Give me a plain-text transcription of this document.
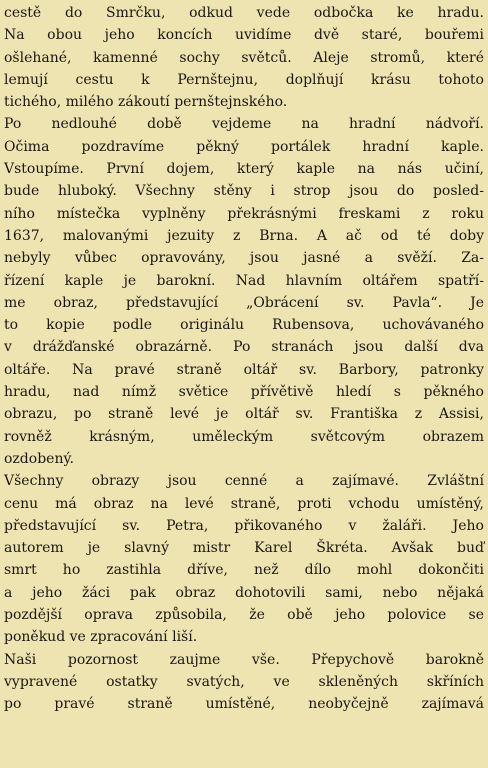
cestě do Smrčku, odkud vede odbočka ke hradu.
Na obou jeho koncích uvidíme dvě staré, bouřemi
ošlehané, kamenné sochy světců. Aleje stromů, které
lemují cestu k Pernštejnu, doplňují krásu tohoto
tichého, milého zákoutí pernštejnského.
Po nedlouhé době vejdeme na hradní nádvoří.
Očima pozdravíme pěkný portálek hradní kaple.
Vstoupíme. První dojem, který kaple na nás učiní,
bude hluboký. Všechny stěny i strop jsou do posled-
ního místečka vyplněny překrásnými freskami z roku
1637, malovanými jezuity z Brna. A ač od té doby
nebyly vůbec opravovány, jsou jasné a svěží. Za-
řízení kaple je barokní. Nad hlavním oltářem spatří-
me obraz, představující „Obrácení sv. Pavla“. Je
to kopie podle originálu Rubensova, uchovávaného
v drážďanské obrazárně. Po stranách jsou další dva
oltáře. Na pravé straně oltář sv. Barbory, patronky
hradu, nad nímž světice přívětivě hledí s pěkného
obrazu, po straně levé je oltář sv. Františka z Assisi,
rovněž krásným, uměleckým světcovým obrazem
ozdobený.
Všechny obrazy jsou cenné a zajímavé. Zvláštní
cenu má obraz na levé straně, proti vchodu umístěný,
představující sv. Petra, přikovaného v žaláři. Jeho
autorem je slavný mistr Karel Škréta. Avšak buď
smrt ho zastihla dříve, než dílo mohl dokončiti
a jeho žáci pak obraz dohotovili sami, nebo nějaká
pozdější oprava způsobila, že obě jeho polovice se
poněkud ve zpracování liší.
Naši pozornost zaujme vše. Přepychově barokně
vypravené ostatky svatých, ve skleněných skříních
po pravé straně umístěné, neobyčejně zajímavá
